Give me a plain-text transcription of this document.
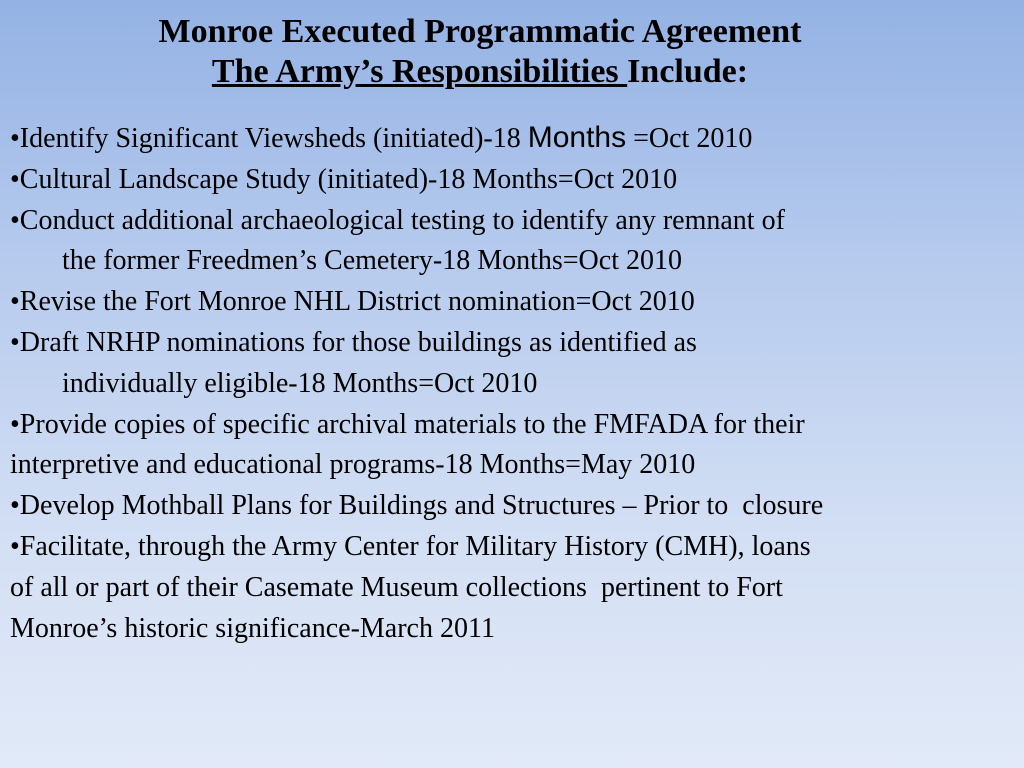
Monroe Executed Programmatic Agreement
The Army’s Responsibilities Include:
•Identify Significant Viewsheds (initiated)-18 Months =Oct 2010
•Cultural Landscape Study (initiated)-18 Months=Oct 2010
•Conduct additional archaeological testing to identify any remnant of
the former Freedmen’s Cemetery-18 Months=Oct 2010
•Revise the Fort Monroe NHL District nomination=Oct 2010
•Draft NRHP nominations for those buildings as identified as
individually eligible-18 Months=Oct 2010
•Provide copies of specific archival materials to the FMFADA for their
interpretive and educational programs-18 Months=May 2010
•Develop Mothball Plans for Buildings and Structures – Prior to  closure
•Facilitate, through the Army Center for Military History (CMH), loans
of all or part of their Casemate Museum collections  pertinent to Fort
Monroe’s historic significance-March 2011
